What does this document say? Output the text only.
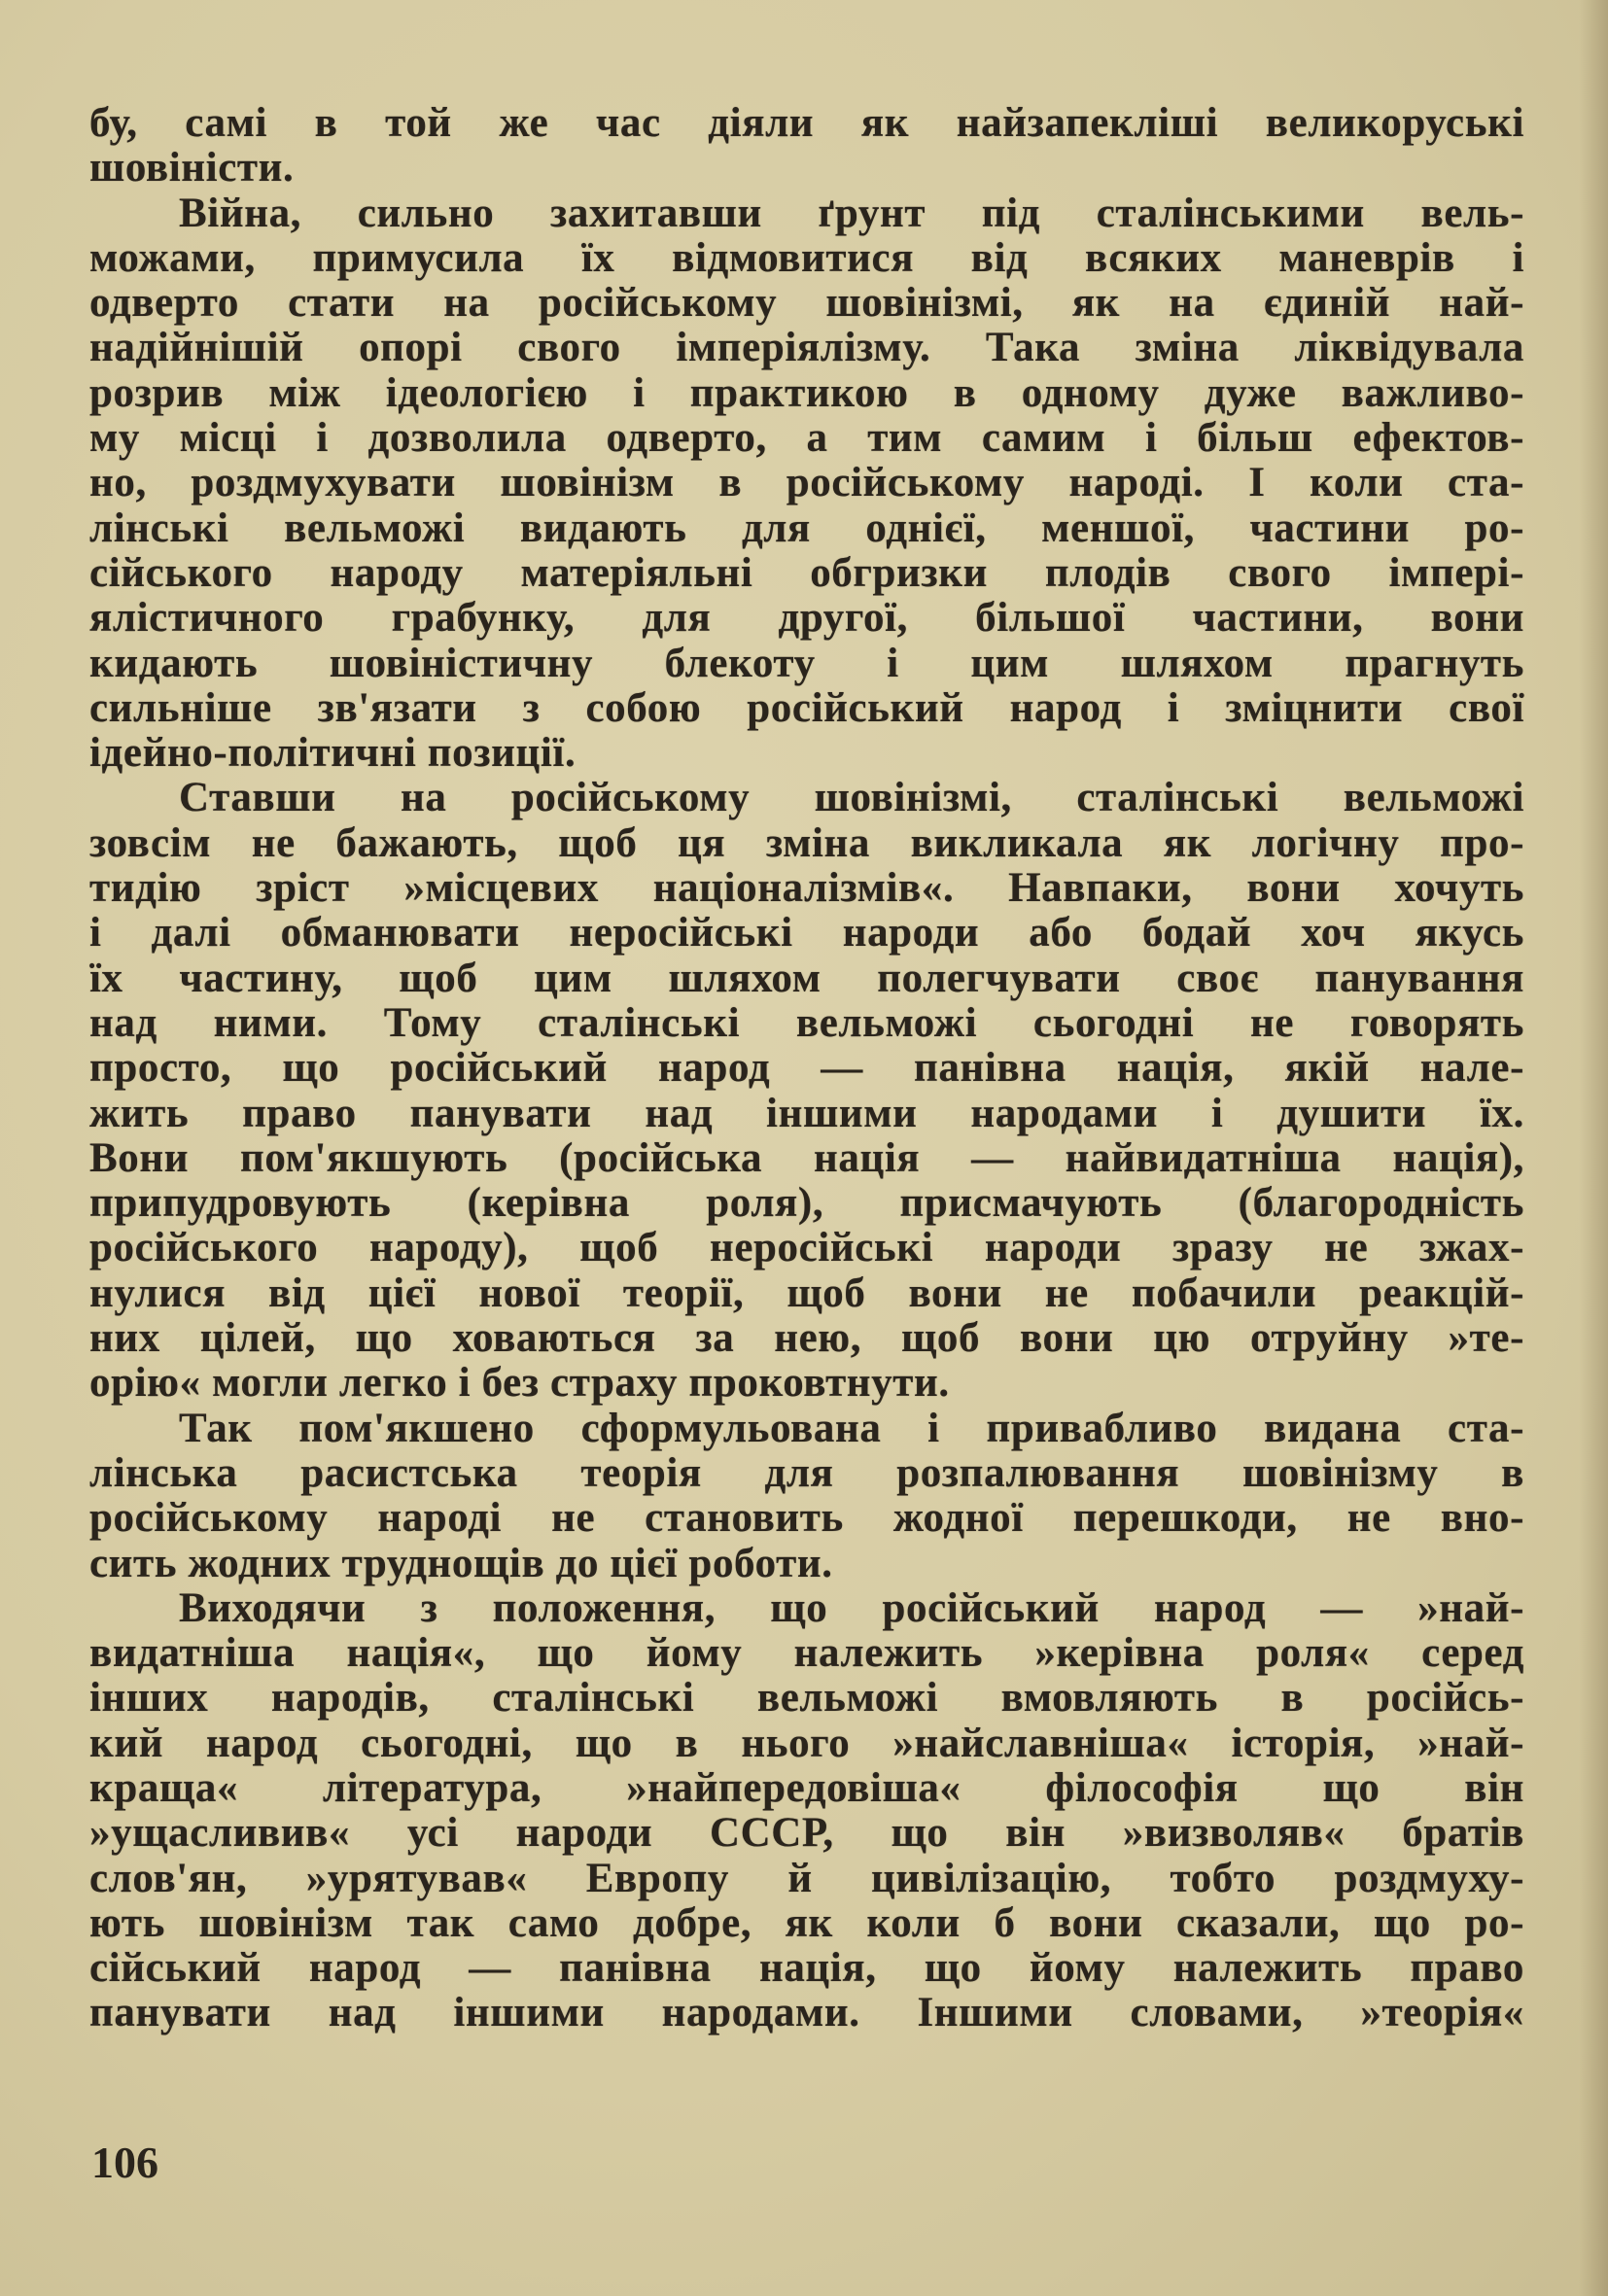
бу, самі в той же час діяли як найзапекліші великоруські
шовіністи.
Війна, сильно захитавши ґрунт під сталінськими вель-
можами, примусила їх відмовитися від всяких маневрів і
одверто стати на російському шовінізмі, як на єдиній най-
надійнішій опорі свого імперіялізму. Така зміна ліквідувала
розрив між ідеологією і практикою в одному дуже важливо-
му місці і дозволила одверто, а тим самим і більш ефектов-
но, роздмухувати шовінізм в російському народі. І коли ста-
лінські вельможі видають для однієї, меншої, частини ро-
сійського народу матеріяльні обгризки плодів свого імпері-
ялістичного грабунку, для другої, більшої частини, вони
кидають шовіністичну блекоту і цим шляхом прагнуть
сильніше зв'язати з собою російський народ і зміцнити свої
ідейно-політичні позиції.
Ставши на російському шовінізмі, сталінські вельможі
зовсім не бажають, щоб ця зміна викликала як логічну про-
тидію зріст »місцевих націоналізмів«. Навпаки, вони хочуть
і далі обманювати неросійські народи або бодай хоч якусь
їх частину, щоб цим шляхом полегчувати своє панування
над ними. Тому сталінські вельможі сьогодні не говорять
просто, що російський народ — панівна нація, якій нале-
жить право панувати над іншими народами і душити їх.
Вони пом'якшують (російська нація — найвидатніша нація),
припудровують (керівна роля), присмачують (благородність
російського народу), щоб неросійські народи зразу не зжах-
нулися від цієї нової теорії, щоб вони не побачили реакцій-
них цілей, що ховаються за нею, щоб вони цю отруйну »те-
орію« могли легко і без страху проковтнути.
Так пом'якшено сформульована і привабливо видана ста-
лінська расистська теорія для розпалювання шовінізму в
російському народі не становить жодної перешкоди, не вно-
сить жодних труднощів до цієї роботи.
Виходячи з положення, що російський народ — »най-
видатніша нація«, що йому належить »керівна роля« серед
інших народів, сталінські вельможі вмовляють в російсь-
кий народ сьогодні, що в нього »найславніша« історія, »най-
краща« література, »найпередовіша« філософія що він
»ущасливив« усі народи СССР, що він »визволяв« братів
слов'ян, »урятував« Европу й цивілізацію, тобто роздмуху-
ють шовінізм так само добре, як коли б вони сказали, що ро-
сійський народ — панівна нація, що йому належить право
панувати над іншими народами. Іншими словами, »теорія«
106
